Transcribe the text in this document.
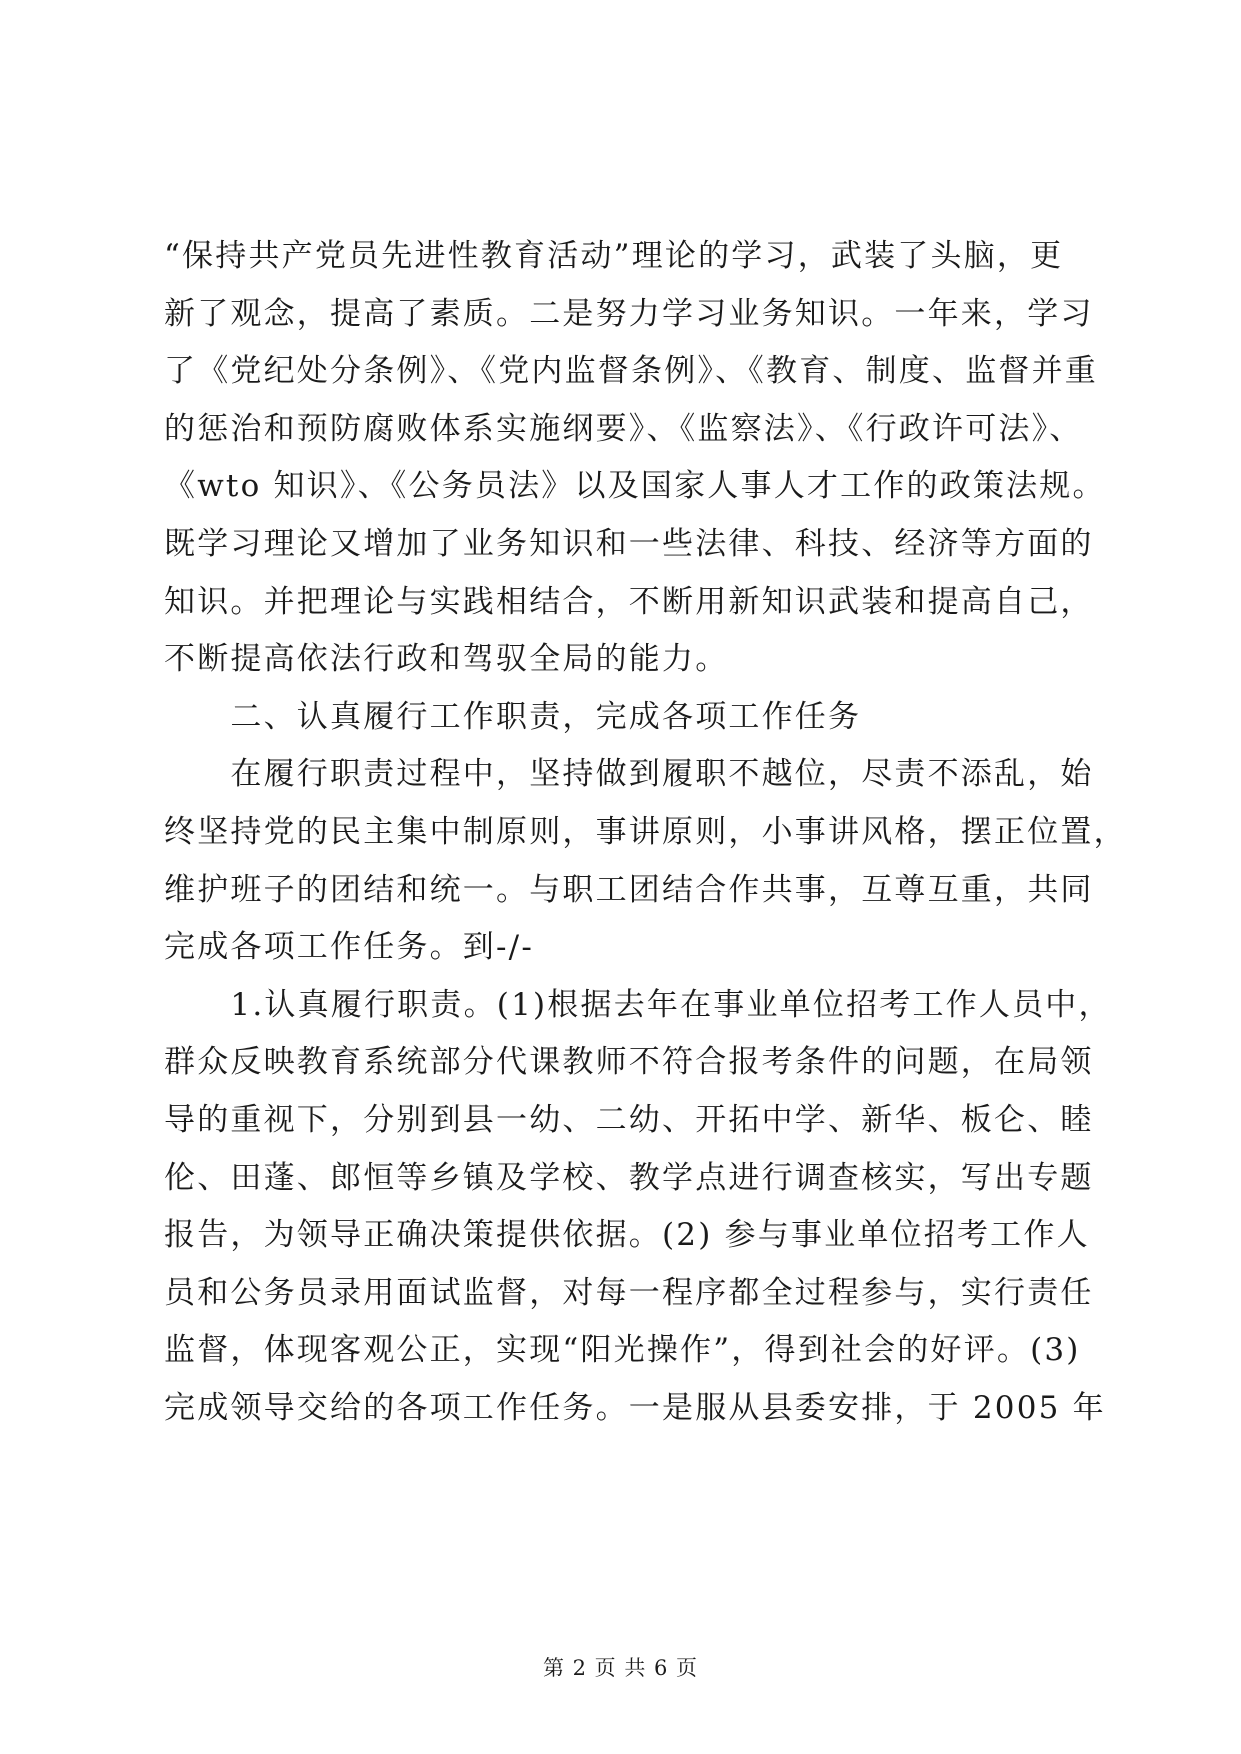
“保持共产党员先进性教育活动”理论的学习，武装了头脑，更
新了观念，提高了素质。二是努力学习业务知识。一年来，学习
了《党纪处分条例》、《党内监督条例》、《教育、制度、监督并重
的惩治和预防腐败体系实施纲要》、《监察法》、《行政许可法》、
《wto 知识》、《公务员法》以及国家人事人才工作的政策法规。
既学习理论又增加了业务知识和一些法律、科技、经济等方面的
知识。并把理论与实践相结合，不断用新知识武装和提高自己，
不断提高依法行政和驾驭全局的能力。
　　二、认真履行工作职责，完成各项工作任务
　　在履行职责过程中，坚持做到履职不越位，尽责不添乱，始
终坚持党的民主集中制原则，事讲原则，小事讲风格，摆正位置，
维护班子的团结和统一。与职工团结合作共事，互尊互重，共同
完成各项工作任务。到-/-
　　1.认真履行职责。(1)根据去年在事业单位招考工作人员中，
群众反映教育系统部分代课教师不符合报考条件的问题，在局领
导的重视下，分别到县一幼、二幼、开拓中学、新华、板仑、睦
伦、田蓬、郎恒等乡镇及学校、教学点进行调查核实，写出专题
报告，为领导正确决策提供依据。(2) 参与事业单位招考工作人
员和公务员录用面试监督，对每一程序都全过程参与，实行责任
监督，体现客观公正，实现“阳光操作”，得到社会的好评。(3)
完成领导交给的各项工作任务。一是服从县委安排，于 2005 年
第 2 页 共 6 页
